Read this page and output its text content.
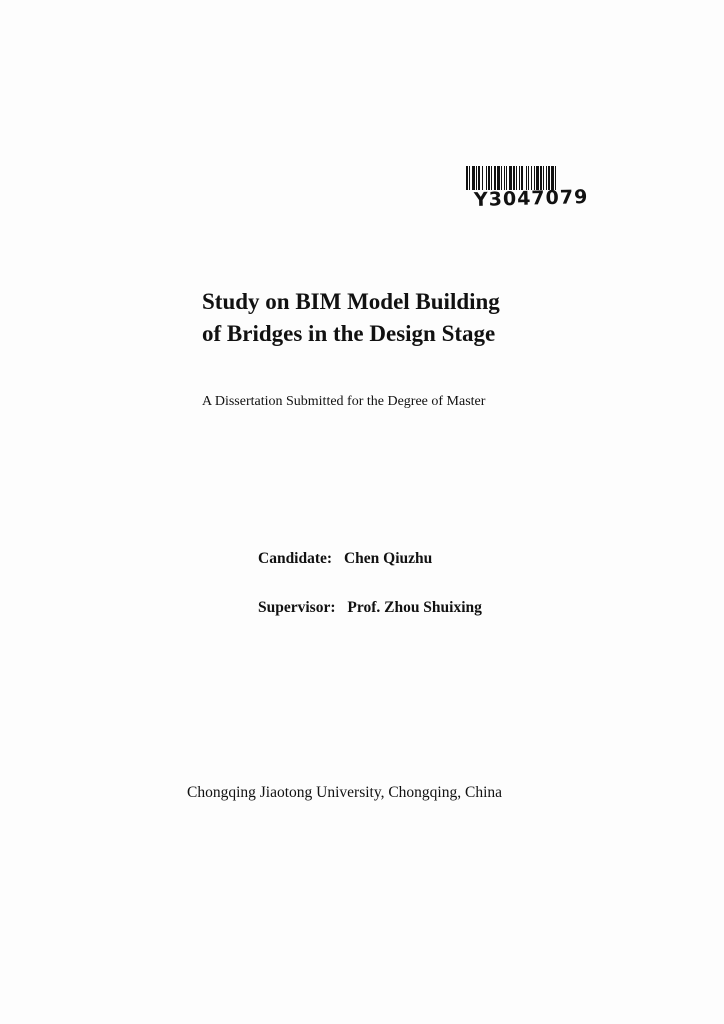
Y3047079
Study on BIM Model Building
of Bridges in the Design Stage
A Dissertation Submitted for the Degree of Master
Candidate: Chen Qiuzhu
Supervisor: Prof. Zhou Shuixing
Chongqing Jiaotong University, Chongqing, China
